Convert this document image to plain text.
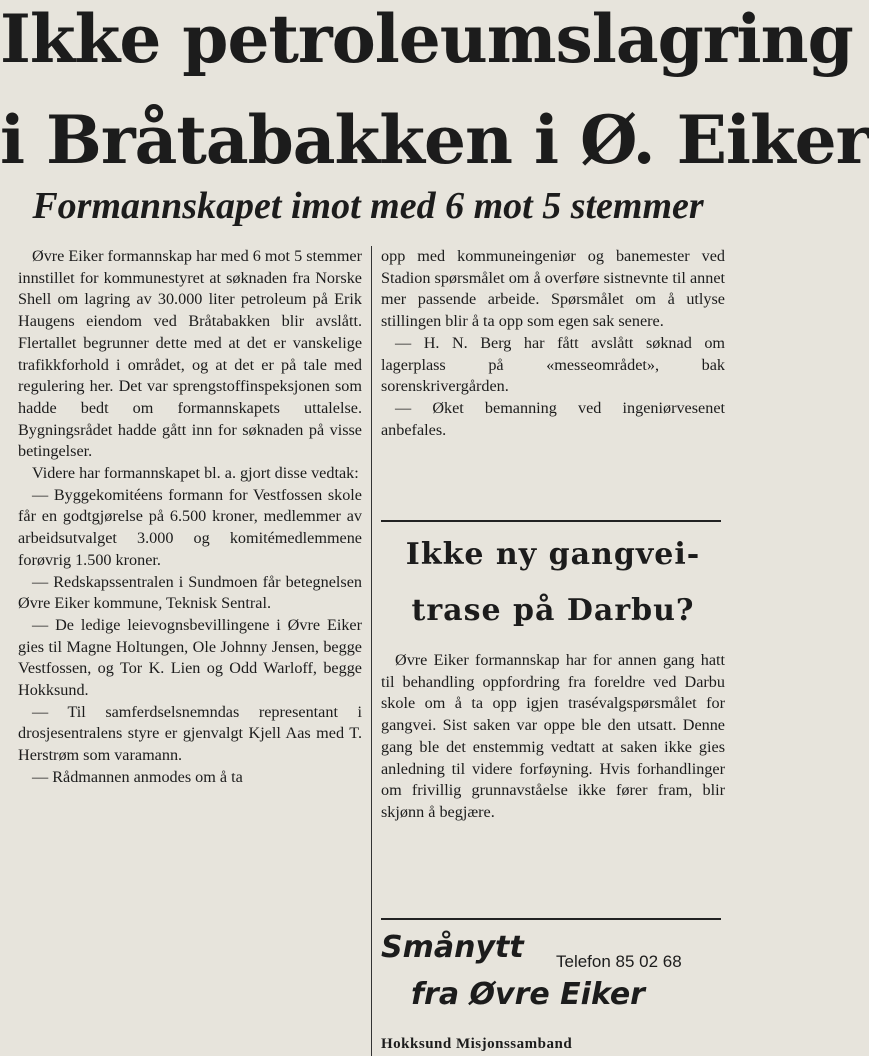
Ikke petroleumslagring
i Bråtabakken i Ø. Eiker
Formannskapet imot med 6 mot 5 stemmer

Øvre Eiker formannskap har med 6 mot 5 stemmer innstillet for kommunestyret at søknaden fra Norske Shell om lagring av 30.000 liter petroleum på Erik Haugens eiendom ved Bråtabakken blir avslått. Flertallet begrunner dette med at det er vanskelige trafikkforhold i området, og at det er på tale med regulering her. Det var sprengstoffinspeksjonen som hadde bedt om formannskapets uttalelse. Bygningsrådet hadde gått inn for søknaden på visse betingelser.

Videre har formannskapet bl. a. gjort disse vedtak:

— Byggekomitéens formann for Vestfossen skole får en godtgjørelse på 6.500 kroner, medlemmer av arbeidsutvalget 3.000 og komitémedlemmene forøvrig 1.500 kroner.

— Redskapssentralen i Sundmoen får betegnelsen Øvre Eiker kommune, Teknisk Sentral.

— De ledige leievognsbevillingene i Øvre Eiker gies til Magne Holtungen, Ole Johnny Jensen, begge Vestfossen, og Tor K. Lien og Odd Warloff, begge Hokksund.

— Til samferdselsnemndas representant i drosjesentralens styre er gjenvalgt Kjell Aas med T. Herstrøm som varamann.

— Rådmannen anmodes om å ta

opp med kommuneingeniør og banemester ved Stadion spørsmålet om å overføre sistnevnte til annet mer passende arbeide. Spørsmålet om å utlyse stillingen blir å ta opp som egen sak senere.

— H. N. Berg har fått avslått søknad om lagerplass på «messeområdet», bak sorenskrivergården.

— Øket bemanning ved ingeniørvesenet anbefales.

Ikke ny gangvei-
trase på Darbu?

Øvre Eiker formannskap har for annen gang hatt til behandling oppfordring fra foreldre ved Darbu skole om å ta opp igjen trasévalgspørsmålet for gangvei. Sist saken var oppe ble den utsatt. Denne gang ble det enstemmig vedtatt at saken ikke gies anledning til videre forføyning. Hvis forhandlinger om frivillig grunnavståelse ikke fører fram, blir skjønn å begjære.

Smånytt Telefon 85 02 68
fra Øvre Eiker
Hokksund Misjonssamband
